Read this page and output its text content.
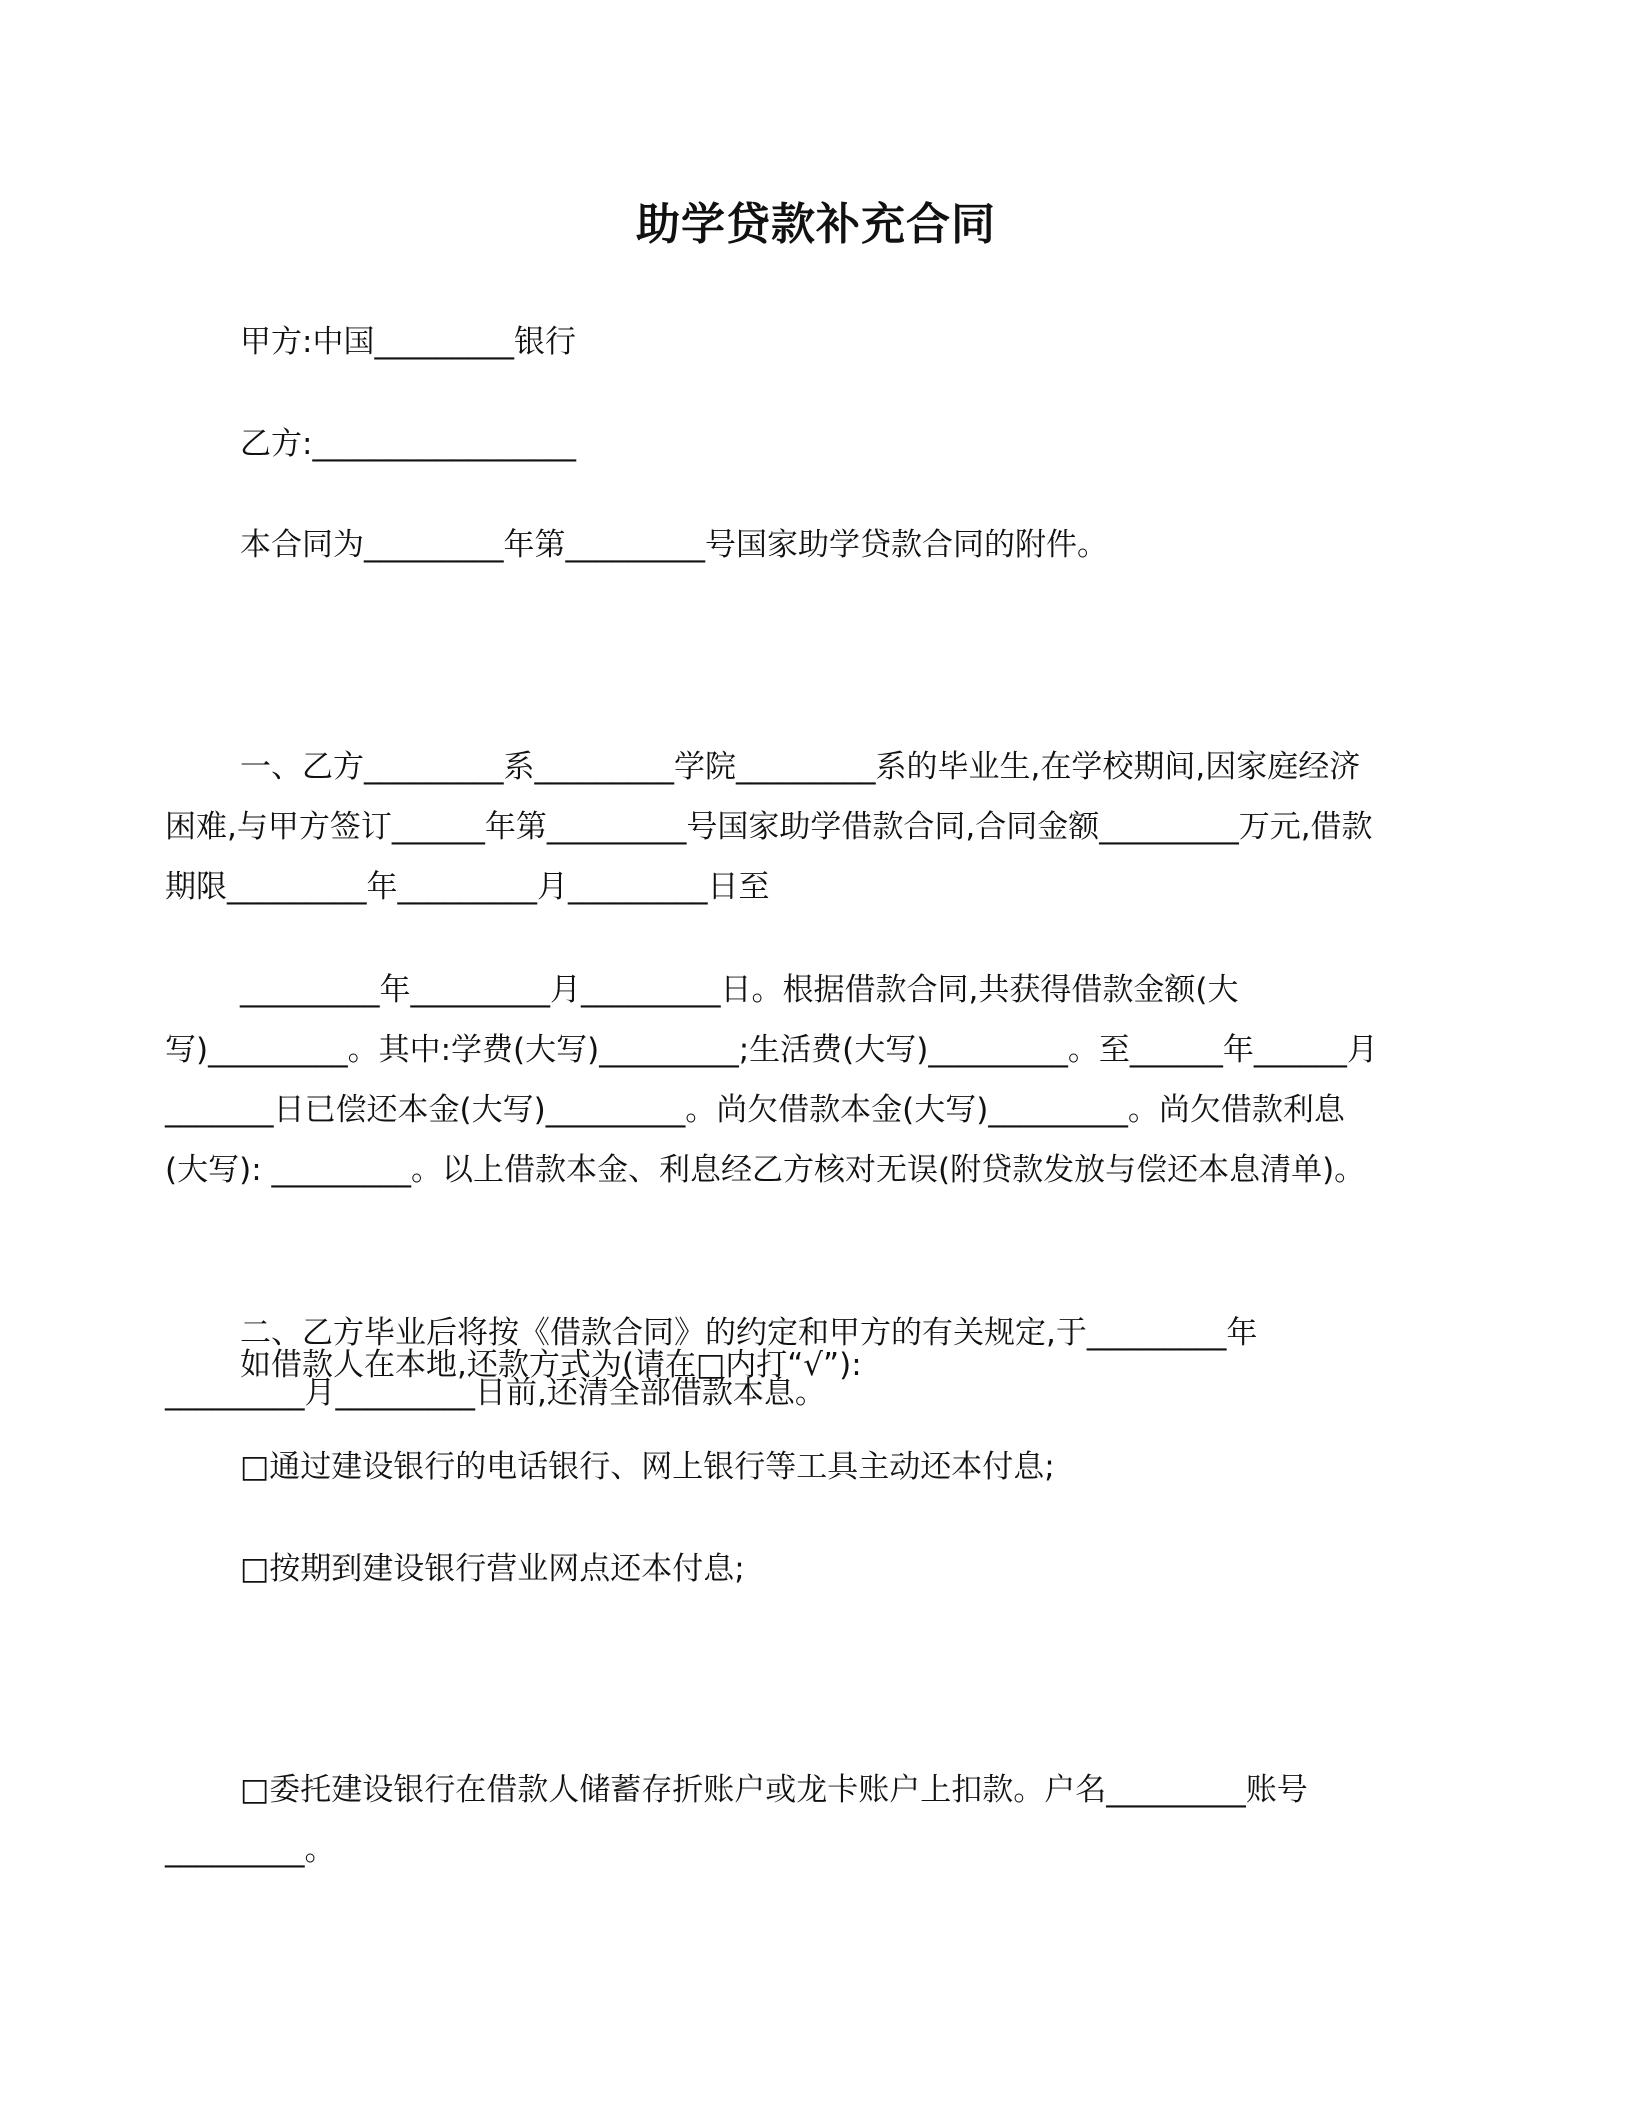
助学贷款补充合同

甲方:中国_________银行

乙方:_________________

本合同为_________年第_________号国家助学贷款合同的附件。

一、乙方_________系_________学院_________系的毕业生,在学校期间,因家庭经济困难,与甲方签订______年第_________号国家助学借款合同,合同金额_________万元,借款期限_________年_________月_________日至

_________年_________月_________日。根据借款合同,共获得借款金额(大写)_________。其中:学费(大写)_________;生活费(大写)_________。至______年______月_______日已偿还本金(大写)_________。尚欠借款本金(大写)_________。尚欠借款利息(大写): _________。以上借款本金、利息经乙方核对无误(附贷款发放与偿还本息清单)。

二、乙方毕业后将按《借款合同》的约定和甲方的有关规定,于_________年_________月_________日前,还清全部借款本息。

如借款人在本地,还款方式为(请在□内打“√”):

□通过建设银行的电话银行、网上银行等工具主动还本付息;

□按期到建设银行营业网点还本付息;

□委托建设银行在借款人储蓄存折账户或龙卡账户上扣款。户名_________账号_________。
